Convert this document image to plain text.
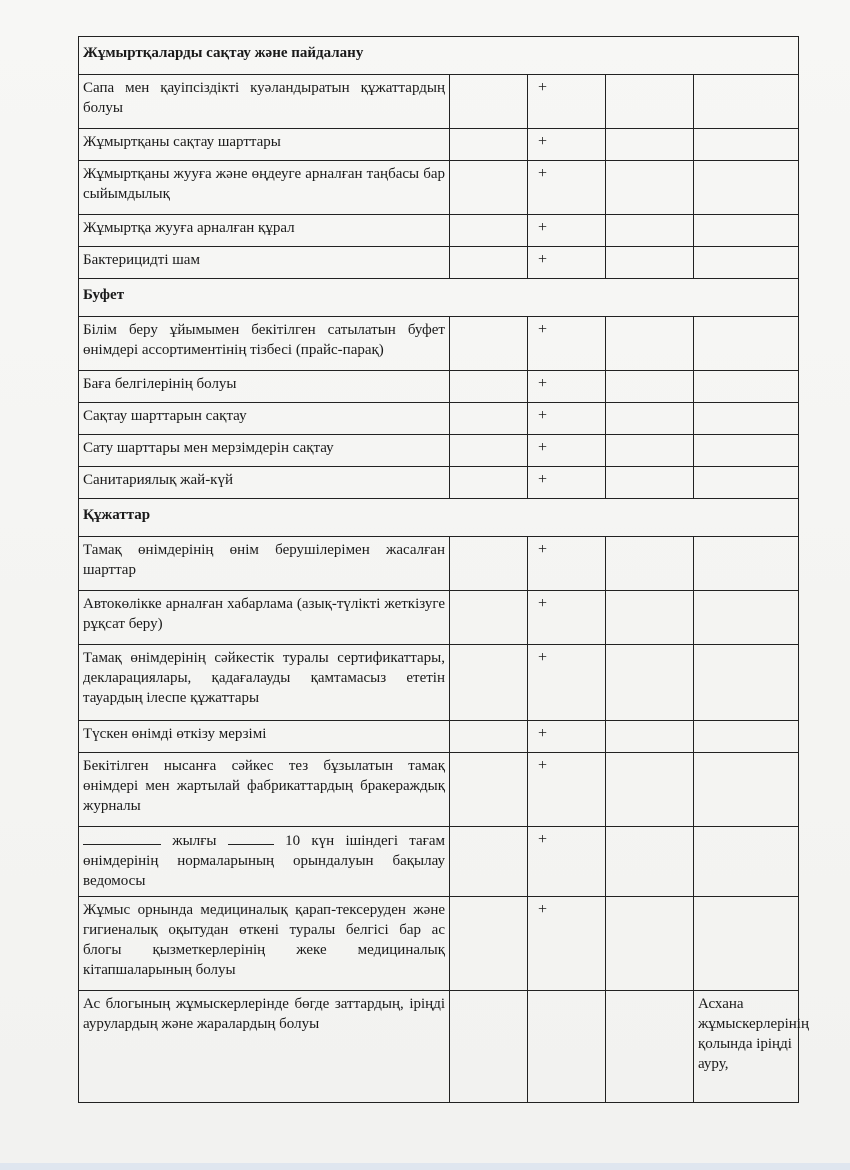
Жұмыртқаларды сақтау және пайдалану				
Сапа мен қауіпсіздікті куәландыратын құжаттардың болуы		+		
Жұмыртқаны сақтау шарттары		+		
Жұмыртқаны жууға және өңдеуге арналған таңбасы бар сыйымдылық		+		
Жұмыртқа жууға арналған құрал		+		
Бактерицидті шам		+		
Буфет				
Білім беру ұйымымен бекітілген сатылатын буфет өнімдері ассортиментінің тізбесі (прайс-парақ)		+		
Баға белгілерінің болуы		+		
Сақтау шарттарын сақтау		+		
Сату шарттары мен мерзімдерін сақтау		+		
Санитариялық жай-күй		+		
Құжаттар				
Тамақ өнімдерінің өнім берушілерімен жасалған шарттар		+		
Автокөлікке арналған хабарлама (азық-түлікті жеткізуге рұқсат беру)		+		
Тамақ өнімдерінің сәйкестік туралы сертификаттары, декларациялары, қадағалауды қамтамасыз ететін тауардың ілеспе құжаттары		+		
Түскен өнімді өткізу мерзімі		+		
Бекітілген нысанға сәйкес тез бұзылатын тамақ өнімдері мен жартылай фабрикаттардың бракераждық журналы		+		
жылғы 10 күн ішіндегі тағам өнімдерінің нормаларының орындалуын бақылау ведомосы		+		
Жұмыс орнында медициналық қарап-тексеруден және гигиеналық оқытудан өткені туралы белгісі бар ас блогы қызметкерлерінің жеке медициналық кітапшаларының болуы		+		
Ас блогының жұмыскерлерінде бөгде заттардың, іріңді аурулардың және жаралардың болуы				Асхана жұмыскерлерінің қолында іріңді ауру,
